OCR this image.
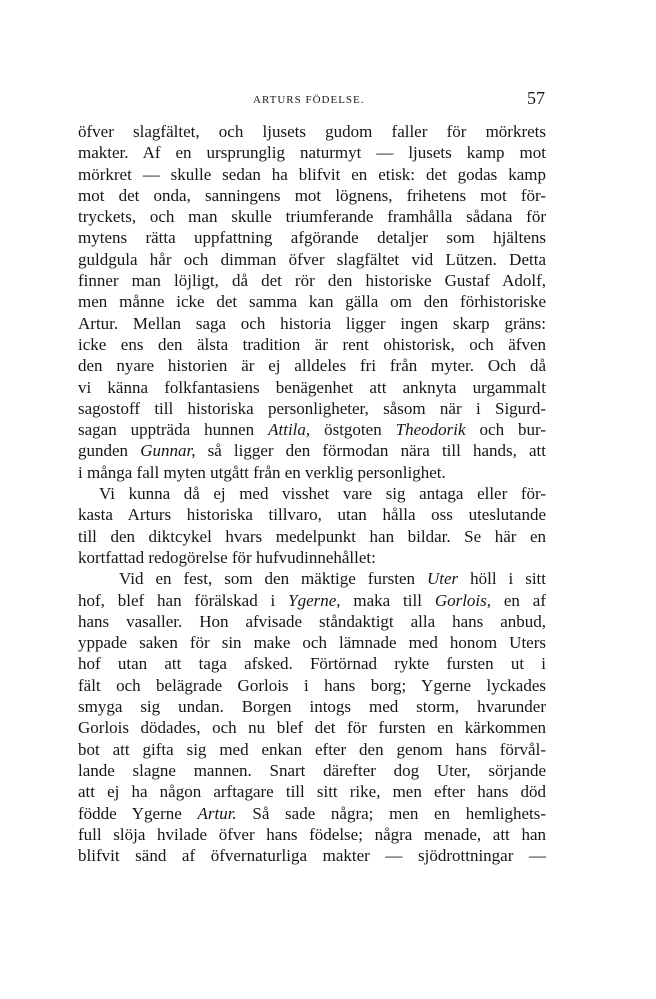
ARTURS FÖDELSE.	57
öfver slagfältet, och ljusets gudom faller för mörkrets
makter. Af en ursprunglig naturmyt — ljusets kamp mot
mörkret — skulle sedan ha blifvit en etisk: det godas kamp
mot det onda, sanningens mot lögnens, frihetens mot för-
tryckets, och man skulle triumferande framhålla sådana för
mytens rätta uppfattning afgörande detaljer som hjältens
guldgula hår och dimman öfver slagfältet vid Lützen. Detta
finner man löjligt, då det rör den historiske Gustaf Adolf,
men månne icke det samma kan gälla om den förhistoriske
Artur. Mellan saga och historia ligger ingen skarp gräns:
icke ens den älsta tradition är rent ohistorisk, och äfven
den nyare historien är ej alldeles fri från myter. Och då
vi känna folkfantasiens benägenhet att anknyta urgammalt
sagostoff till historiska personligheter, såsom när i Sigurd-
sagan uppträda hunnen Attila, östgoten Theodorik och bur-
gunden Gunnar, så ligger den förmodan nära till hands, att
i många fall myten utgått från en verklig personlighet.
Vi kunna då ej med visshet vare sig antaga eller för-
kasta Arturs historiska tillvaro, utan hålla oss uteslutande
till den diktcykel hvars medelpunkt han bildar. Se här en
kortfattad redogörelse för hufvudinnehållet:
Vid en fest, som den mäktige fursten Uter höll i sitt
hof, blef han förälskad i Ygerne, maka till Gorlois, en af
hans vasaller. Hon afvisade ståndaktigt alla hans anbud,
yppade saken för sin make och lämnade med honom Uters
hof utan att taga afsked. Förtörnad rykte fursten ut i
fält och belägrade Gorlois i hans borg; Ygerne lyckades
smyga sig undan. Borgen intogs med storm, hvarunder
Gorlois dödades, och nu blef det för fursten en kärkommen
bot att gifta sig med enkan efter den genom hans förvål-
lande slagne mannen. Snart därefter dog Uter, sörjande
att ej ha någon arftagare till sitt rike, men efter hans död
födde Ygerne Artur. Så sade några; men en hemlighets-
full slöja hvilade öfver hans födelse; några menade, att han
blifvit sänd af öfvernaturliga makter — sjödrottningar —
